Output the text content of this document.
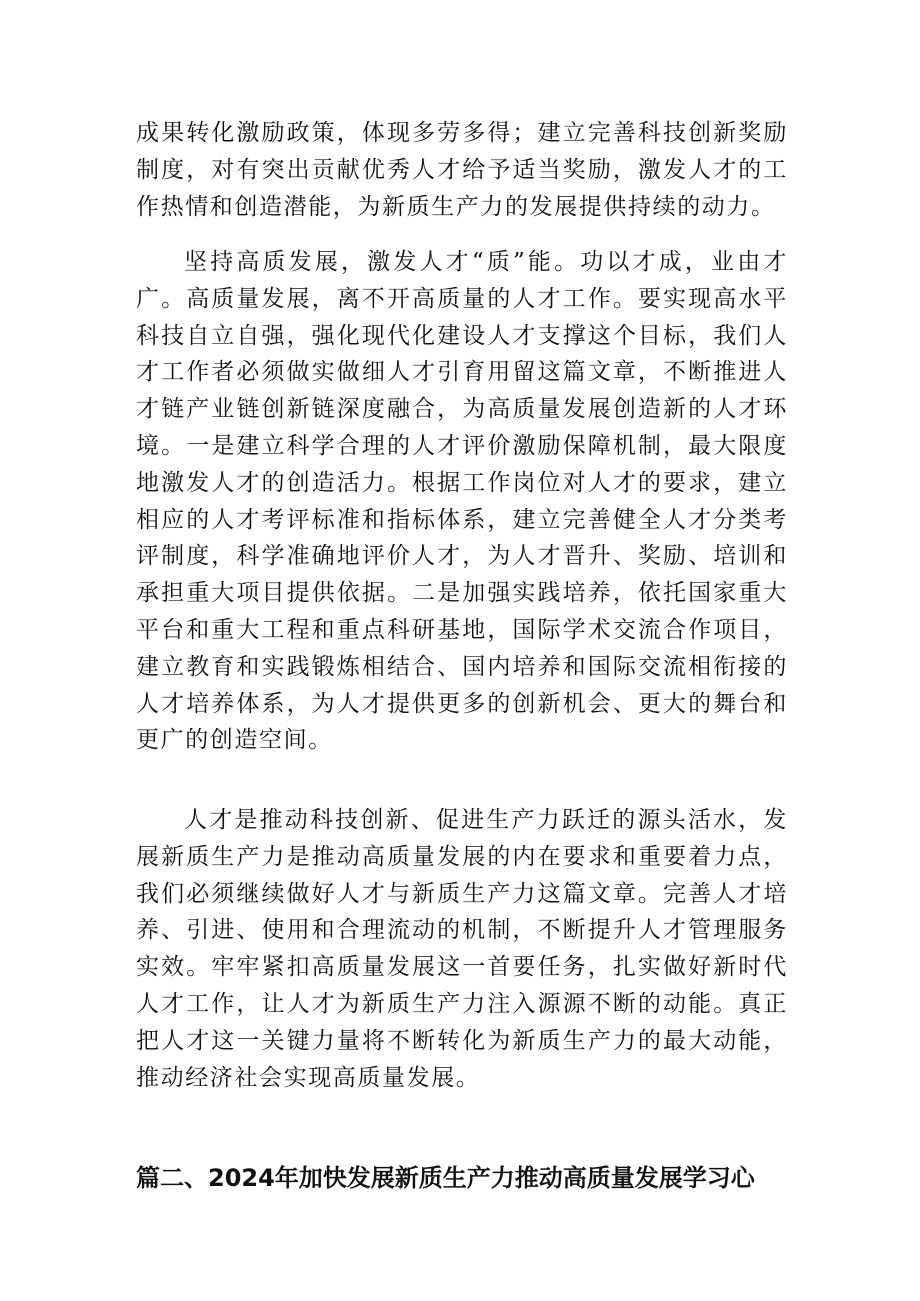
成果转化激励政策，体现多劳多得；建立完善科技创新奖励制度，对有突出贡献优秀人才给予适当奖励，激发人才的工作热情和创造潜能，为新质生产力的发展提供持续的动力。

坚持高质发展，激发人才“质”能。功以才成，业由才广。高质量发展，离不开高质量的人才工作。要实现高水平科技自立自强，强化现代化建设人才支撑这个目标，我们人才工作者必须做实做细人才引育用留这篇文章，不断推进人才链产业链创新链深度融合，为高质量发展创造新的人才环境。一是建立科学合理的人才评价激励保障机制，最大限度地激发人才的创造活力。根据工作岗位对人才的要求，建立相应的人才考评标准和指标体系，建立完善健全人才分类考评制度，科学准确地评价人才，为人才晋升、奖励、培训和承担重大项目提供依据。二是加强实践培养，依托国家重大平台和重大工程和重点科研基地，国际学术交流合作项目，建立教育和实践锻炼相结合、国内培养和国际交流相衔接的人才培养体系，为人才提供更多的创新机会、更大的舞台和更广的创造空间。

人才是推动科技创新、促进生产力跃迁的源头活水，发展新质生产力是推动高质量发展的内在要求和重要着力点，我们必须继续做好人才与新质生产力这篇文章。完善人才培养、引进、使用和合理流动的机制，不断提升人才管理服务实效。牢牢紧扣高质量发展这一首要任务，扎实做好新时代人才工作，让人才为新质生产力注入源源不断的动能。真正把人才这一关键力量将不断转化为新质生产力的最大动能，推动经济社会实现高质量发展。

篇二、2024年加快发展新质生产力推动高质量发展学习心
